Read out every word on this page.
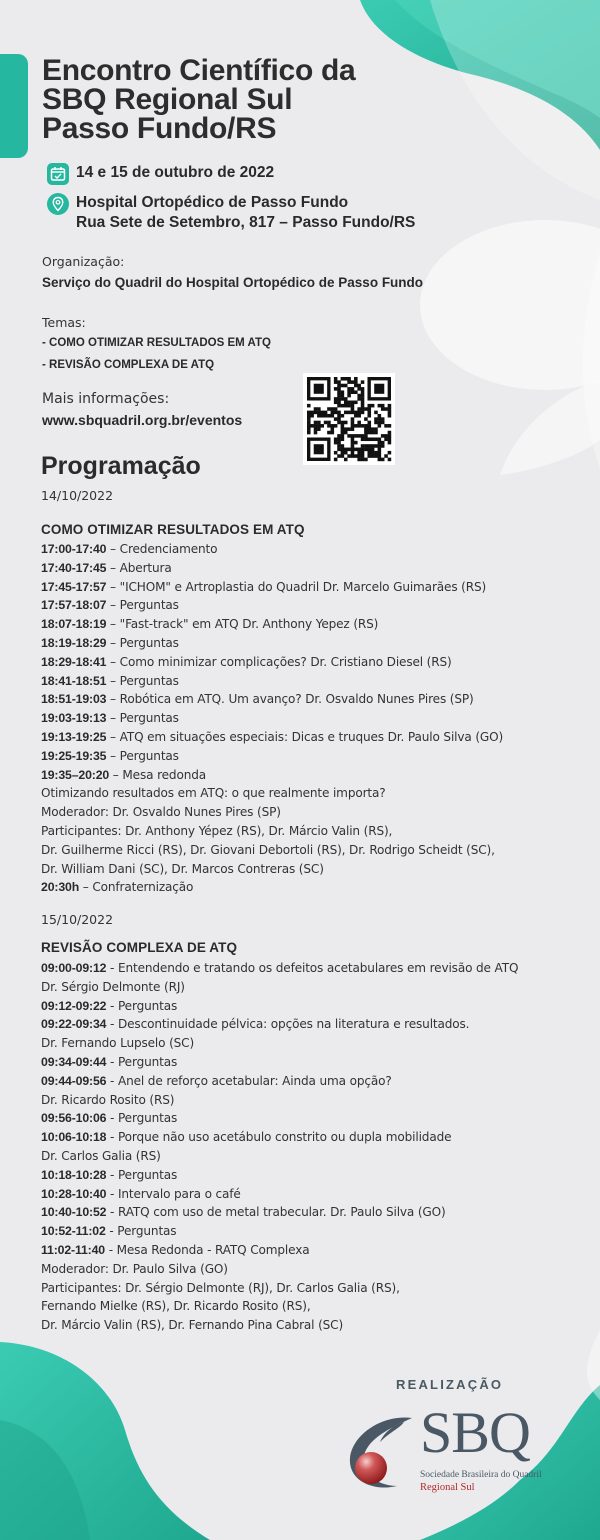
Encontro Científico da
SBQ Regional Sul
Passo Fundo/RS
14 e 15 de outubro de 2022
Hospital Ortopédico de Passo Fundo
Rua Sete de Setembro, 817 – Passo Fundo/RS
Organização:
Serviço do Quadril do Hospital Ortopédico de Passo Fundo
Temas:
- COMO OTIMIZAR RESULTADOS EM ATQ
- REVISÃO COMPLEXA DE ATQ
Mais informações:
www.sbquadril.org.br/eventos
Programação
14/10/2022
COMO OTIMIZAR RESULTADOS EM ATQ
17:00-17:40 – Credenciamento
17:40-17:45 – Abertura
17:45-17:57 – "ICHOM" e Artroplastia do Quadril Dr. Marcelo Guimarães (RS)
17:57-18:07 – Perguntas
18:07-18:19 – "Fast-track" em ATQ Dr. Anthony Yepez (RS)
18:19-18:29 – Perguntas
18:29-18:41 – Como minimizar complicações? Dr. Cristiano Diesel (RS)
18:41-18:51 – Perguntas
18:51-19:03 – Robótica em ATQ. Um avanço? Dr. Osvaldo Nunes Pires (SP)
19:03-19:13 – Perguntas
19:13-19:25 – ATQ em situações especiais: Dicas e truques Dr. Paulo Silva (GO)
19:25-19:35 – Perguntas
19:35–20:20 – Mesa redonda
Otimizando resultados em ATQ: o que realmente importa?
Moderador: Dr. Osvaldo Nunes Pires (SP)
Participantes: Dr. Anthony Yépez (RS), Dr. Márcio Valin (RS),
Dr. Guilherme Ricci (RS), Dr. Giovani Debortoli (RS), Dr. Rodrigo Scheidt (SC),
Dr. William Dani (SC), Dr. Marcos Contreras (SC)
20:30h – Confraternização
15/10/2022
REVISÃO COMPLEXA DE ATQ
09:00-09:12 - Entendendo e tratando os defeitos acetabulares em revisão de ATQ
Dr. Sérgio Delmonte (RJ)
09:12-09:22 - Perguntas
09:22-09:34 - Descontinuidade pélvica: opções na literatura e resultados.
Dr. Fernando Lupselo (SC)
09:34-09:44 - Perguntas
09:44-09:56 - Anel de reforço acetabular: Ainda uma opção?
Dr. Ricardo Rosito (RS)
09:56-10:06 - Perguntas
10:06-10:18 - Porque não uso acetábulo constrito ou dupla mobilidade
Dr. Carlos Galia (RS)
10:18-10:28 - Perguntas
10:28-10:40 - Intervalo para o café
10:40-10:52 - RATQ com uso de metal trabecular. Dr. Paulo Silva (GO)
10:52-11:02 - Perguntas
11:02-11:40 - Mesa Redonda - RATQ Complexa
Moderador: Dr. Paulo Silva (GO)
Participantes: Dr. Sérgio Delmonte (RJ), Dr. Carlos Galia (RS),
Fernando Mielke (RS), Dr. Ricardo Rosito (RS),
Dr. Márcio Valin (RS), Dr. Fernando Pina Cabral (SC)
REALIZAÇÃO
SBQ
Sociedade Brasileira do Quadril
Regional Sul
